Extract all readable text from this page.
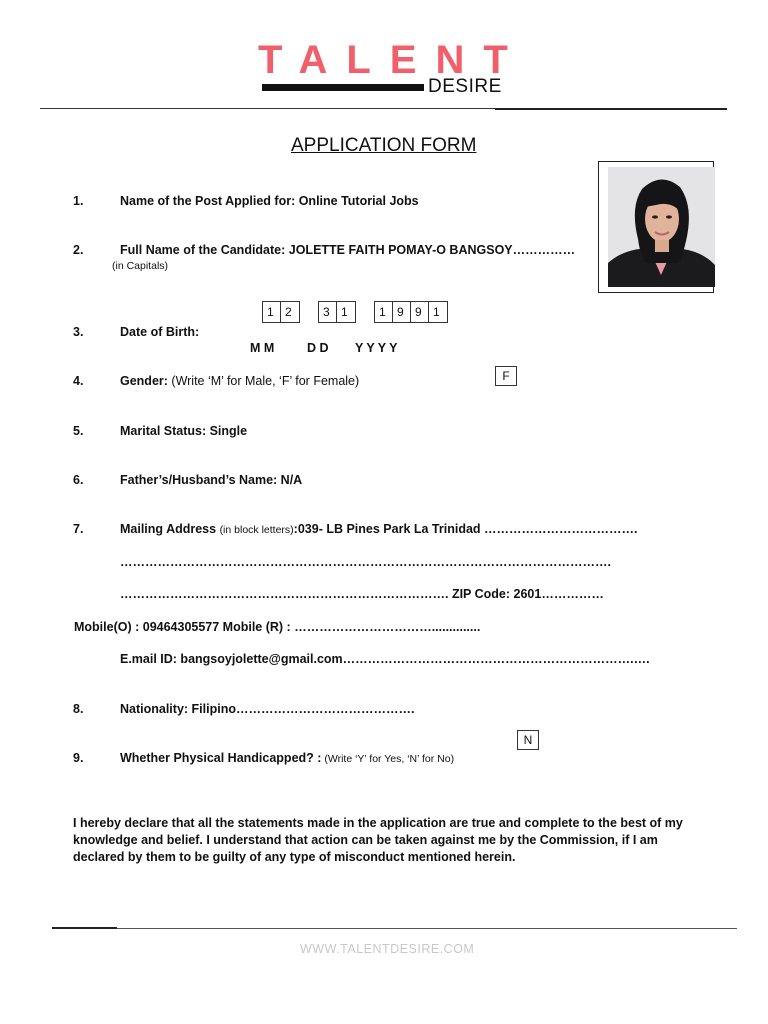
TALENT
DESIRE
APPLICATION FORM
1.	Name of the Post Applied for: Online Tutorial Jobs
2.	Full Name of the Candidate: JOLETTE FAITH POMAY-O BANGSOY……………
(in Capitals)
1 2	3 1	1 9 9 1
3.	Date of Birth:
M M	D D Y Y Y Y
F
4.	Gender: (Write ‘M’ for Male, ‘F’ for Female)
5.	Marital Status: Single
6.	Father’s/Husband’s Name: N/A
7.	Mailing Address (in block letters):039- LB Pines Park La Trinidad ……………………………….
……………………………………………………………………………………………………….
……………………………………………………………………. ZIP Code: 2601……………
Mobile(O) : 09464305577 Mobile (R) : ……………………………..............
E.mail ID: bangsoyjolette@gmail.com…………………………………………………………….….
8.	Nationality: Filipino…………………………………….
N
9.	Whether Physical Handicapped? : (Write ‘Y’ for Yes, ‘N’ for No)
I hereby declare that all the statements made in the application are true and complete to the best of my knowledge and belief. I understand that action can be taken against me by the Commission, if I am declared by them to be guilty of any type of misconduct mentioned herein.
WWW.TALENTDESIRE.COM
